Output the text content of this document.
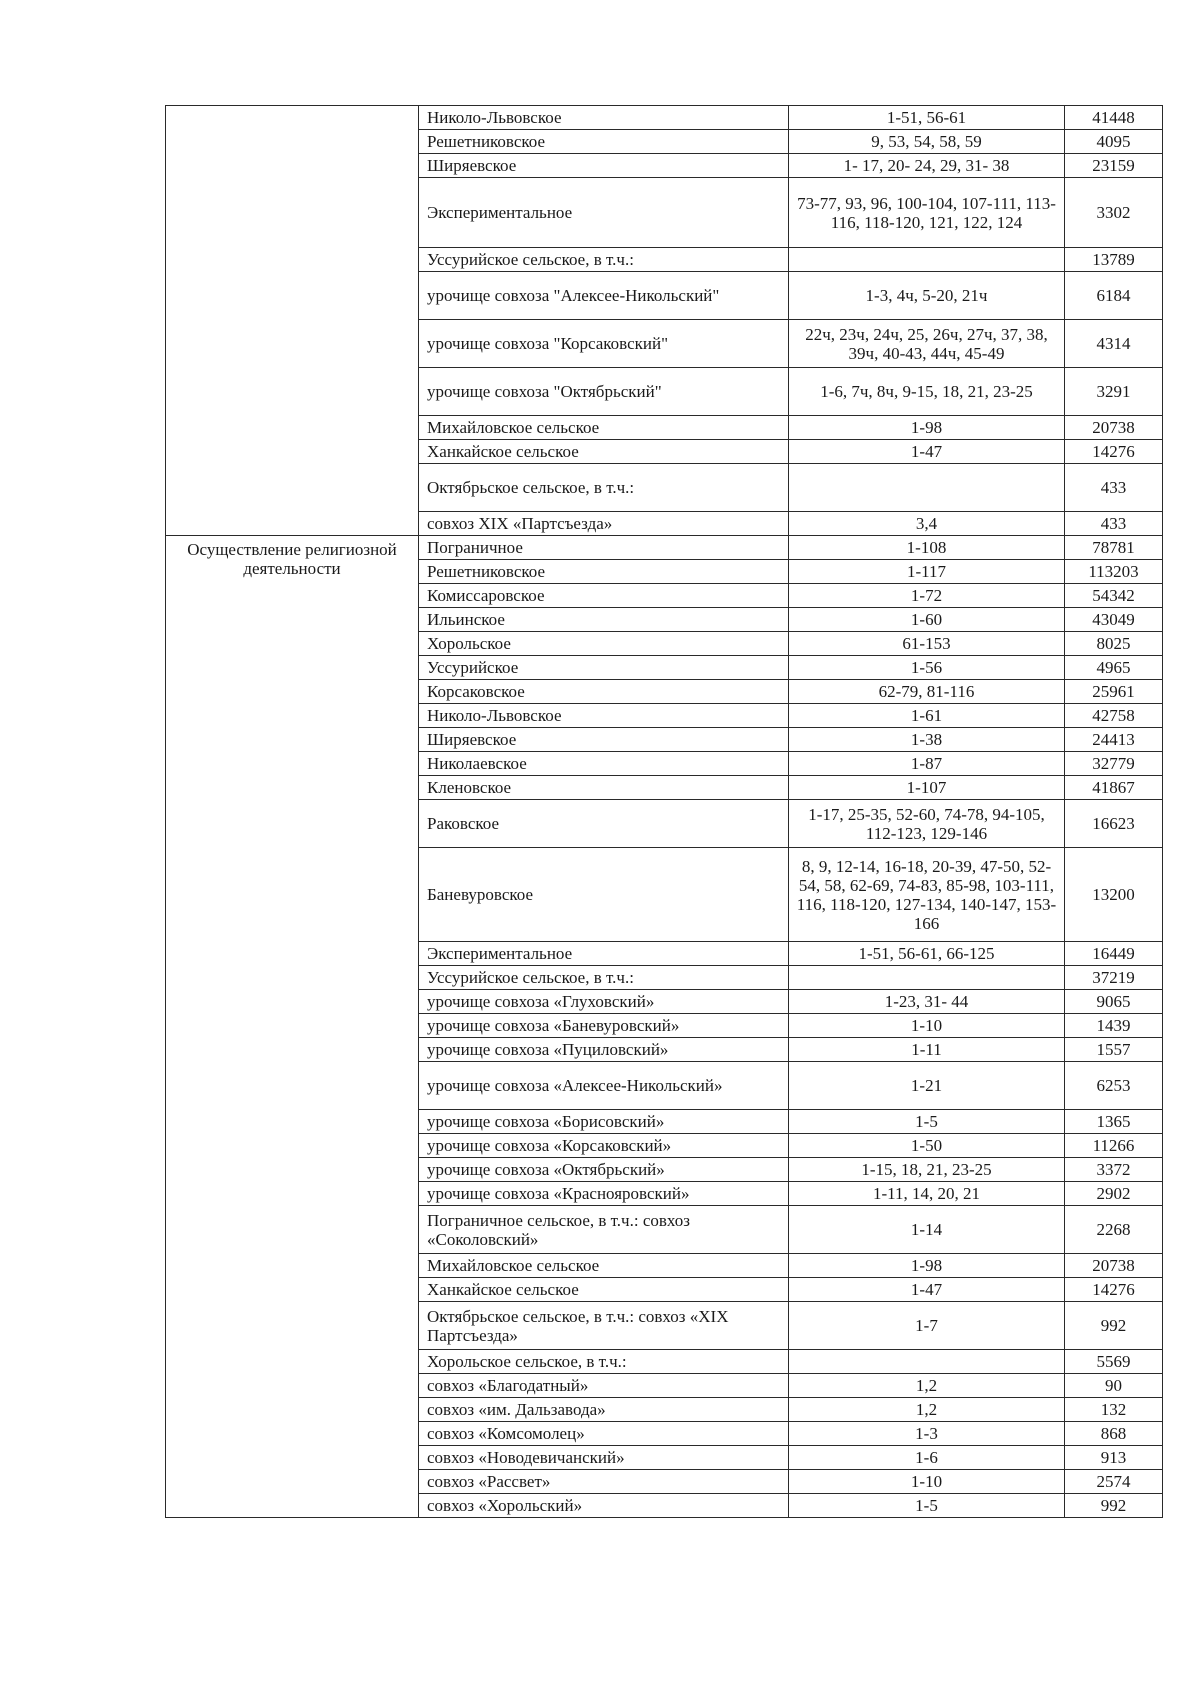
	Николо-Львовское	1-51, 56-61	41448
	Решетниковское	9, 53, 54, 58, 59	4095
	Ширяевское	1- 17, 20- 24, 29, 31- 38	23159
	Экспериментальное	73-77, 93, 96, 100-104, 107-111, 113-116, 118-120, 121, 122, 124	3302
	Уссурийское сельское, в т.ч.:		13789
	урочище совхоза "Алексее-Никольский"	1-3, 4ч, 5-20, 21ч	6184
	урочище совхоза "Корсаковский"	22ч, 23ч, 24ч, 25, 26ч, 27ч, 37, 38, 39ч, 40-43, 44ч, 45-49	4314
	урочище совхоза "Октябрьский"	1-6, 7ч, 8ч, 9-15, 18, 21, 23-25	3291
	Михайловское сельское	1-98	20738
	Ханкайское сельское	1-47	14276
	Октябрьское сельское, в т.ч.:		433
	совхоз XIX «Партсъезда»	3,4	433
Осуществление религиозной деятельности	Пограничное	1-108	78781
	Решетниковское	1-117	113203
	Комиссаровское	1-72	54342
	Ильинское	1-60	43049
	Хорольское	61-153	8025
	Уссурийское	1-56	4965
	Корсаковское	62-79, 81-116	25961
	Николо-Львовское	1-61	42758
	Ширяевское	1-38	24413
	Николаевское	1-87	32779
	Кленовское	1-107	41867
	Раковское	1-17, 25-35, 52-60, 74-78, 94-105, 112-123, 129-146	16623
	Баневуровское	8, 9, 12-14, 16-18, 20-39, 47-50, 52-54, 58, 62-69, 74-83, 85-98, 103-111, 116, 118-120, 127-134, 140-147, 153-166	13200
	Экспериментальное	1-51, 56-61, 66-125	16449
	Уссурийское сельское, в т.ч.:		37219
	урочище совхоза «Глуховский»	1-23, 31- 44	9065
	урочище совхоза «Баневуровский»	1-10	1439
	урочище совхоза «Пуциловский»	1-11	1557
	урочище совхоза «Алексее-Никольский»	1-21	6253
	урочище совхоза «Борисовский»	1-5	1365
	урочище совхоза «Корсаковский»	1-50	11266
	урочище совхоза «Октябрьский»	1-15, 18, 21, 23-25	3372
	урочище совхоза «Краснояровский»	1-11, 14, 20, 21	2902
	Пограничное сельское, в т.ч.: совхоз «Соколовский»	1-14	2268
	Михайловское сельское	1-98	20738
	Ханкайское сельское	1-47	14276
	Октябрьское сельское, в т.ч.: совхоз «XIX Партсъезда»	1-7	992
	Хорольское сельское, в т.ч.:		5569
	совхоз «Благодатный»	1,2	90
	совхоз «им. Дальзавода»	1,2	132
	совхоз «Комсомолец»	1-3	868
	совхоз «Новодевичанский»	1-6	913
	совхоз «Рассвет»	1-10	2574
	совхоз «Хорольский»	1-5	992
